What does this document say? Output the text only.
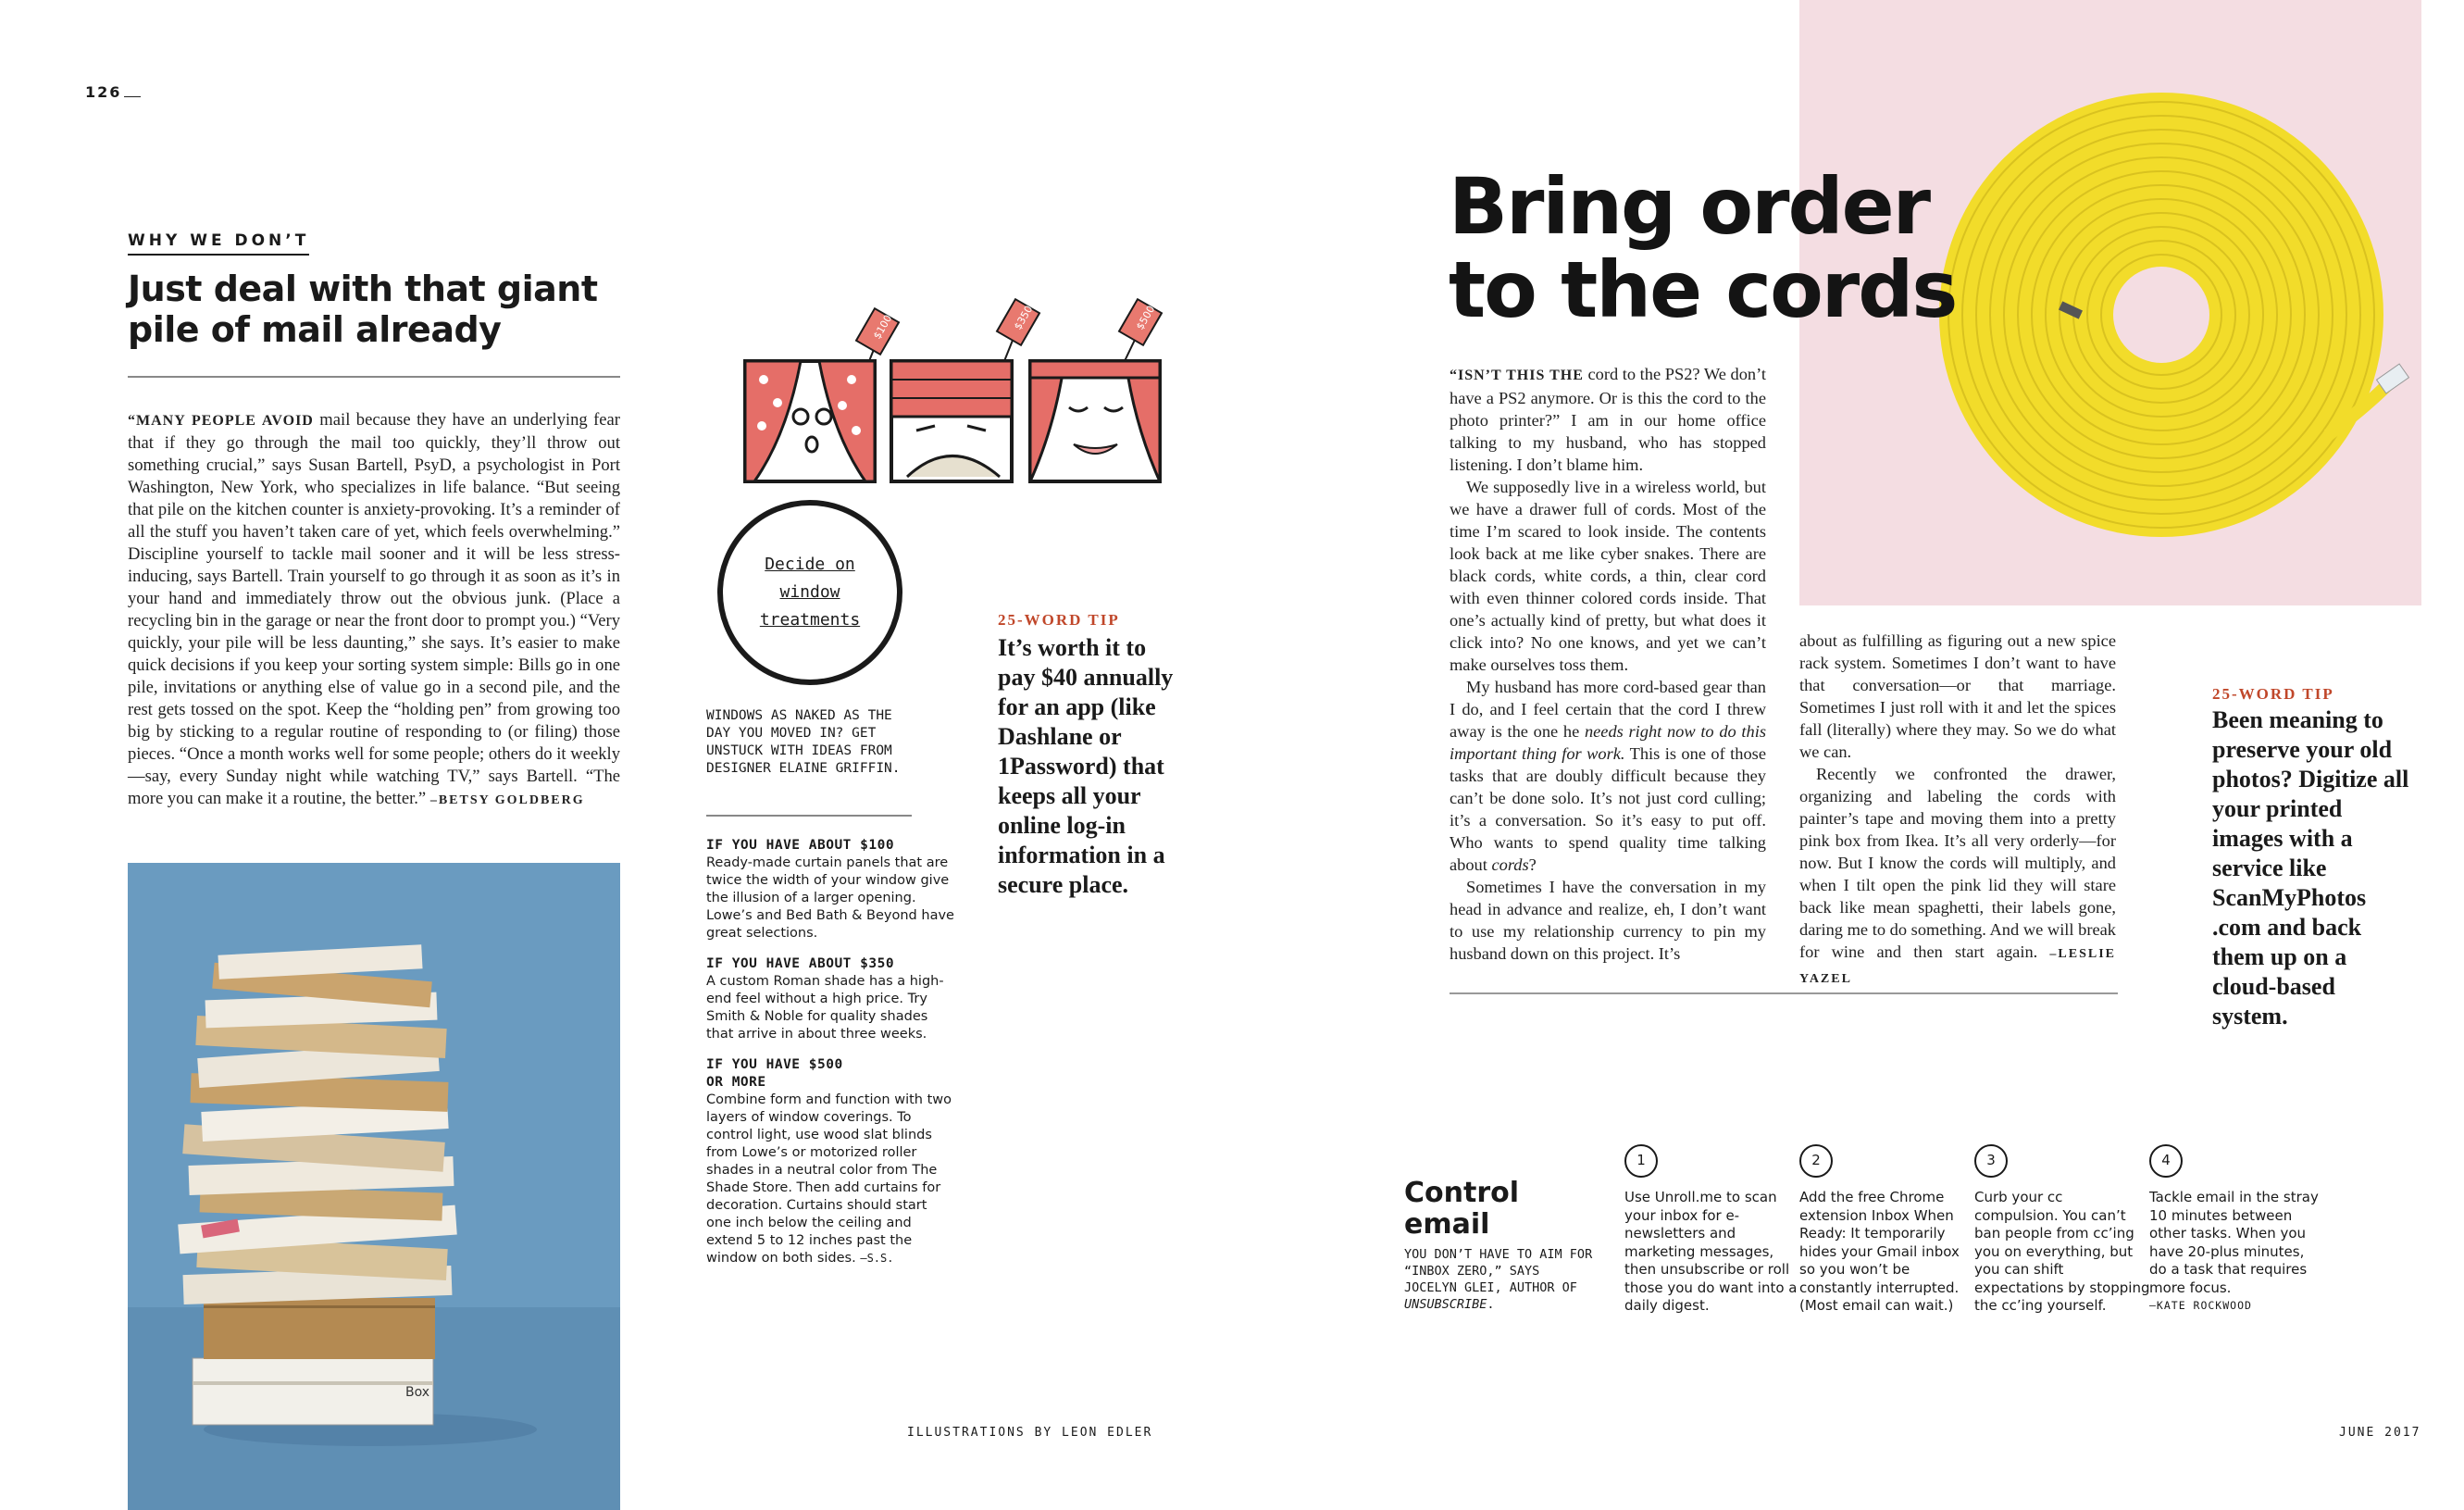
126
WHY WE DON’T
Just deal with that giant pile of mail already
“MANY PEOPLE AVOID mail because they have an underlying fear that if they go through the mail too quickly, they’ll throw out something crucial,” says Susan Bartell, PsyD, a psychologist in Port Washington, New York, who specializes in life balance. “But seeing that pile on the kitchen counter is anxiety-provoking. It’s a reminder of all the stuff you haven’t taken care of yet, which feels overwhelming.” Discipline yourself to tackle mail sooner and it will be less stress-inducing, says Bartell. Train yourself to go through it as soon as it’s in your hand and immediately throw out the obvious junk. (Place a recycling bin in the garage or near the front door to prompt you.) “Very quickly, your pile will be less daunting,” she says. It’s easier to make quick decisions if you keep your sorting system simple: Bills go in one pile, invitations or anything else of value go in a second pile, and the rest gets tossed on the spot. Keep the “holding pen” from growing too big by sticking to a regular routine of responding to (or filing) those pieces. “Once a month works well for some people; others do it weekly—say, every Sunday night while watching TV,” says Bartell. “The more you can make it a routine, the better.” –BETSY GOLDBERG
Box
$100	$350	$500
Decide on window treatments
WINDOWS AS NAKED AS THE DAY YOU MOVED IN? GET UNSTUCK WITH IDEAS FROM DESIGNER ELAINE GRIFFIN.
IF YOU HAVE ABOUT $100
Ready-made curtain panels that are twice the width of your window give the illusion of a larger opening. Lowe’s and Bed Bath & Beyond have great selections.
IF YOU HAVE ABOUT $350
A custom Roman shade has a high-end feel without a high price. Try Smith & Noble for quality shades that arrive in about three weeks.
IF YOU HAVE $500 OR MORE
Combine form and function with two layers of window coverings. To control light, use wood slat blinds from Lowe’s or motorized roller shades in a neutral color from The Shade Store. Then add curtains for decoration. Curtains should start one inch below the ceiling and extend 5 to 12 inches past the window on both sides. –S.S.
25-WORD TIP
It’s worth it to pay $40 annually for an app (like Dashlane or 1Password) that keeps all your online log-in information in a secure place.
ILLUSTRATIONS BY LEON EDLER
Bring order
to the cords

“ISN’T THIS THE cord to the PS2? We don’t have a PS2 anymore. Or is this the cord to the photo printer?” I am in our home office talking to my husband, who has stopped listening. I don’t blame him.

We supposedly live in a wireless world, but we have a drawer full of cords. Most of the time I’m scared to look inside. The contents look back at me like cyber snakes. There are black cords, white cords, a thin, clear cord with even thinner colored cords inside. That one’s actually kind of pretty, but what does it click into? No one knows, and yet we can’t make ourselves toss them.

My husband has more cord-based gear than I do, and I feel certain that the cord I threw away is the one he needs right now to do this important thing for work. This is one of those tasks that are doubly difficult because they can’t be done solo. It’s not just cord culling; it’s a conversation. So it’s easy to put off. Who wants to spend quality time talking about cords?

Sometimes I have the conversation in my head in advance and realize, eh, I don’t want to use my relationship currency to pin my husband down on this project. It’s

about as fulfilling as figuring out a new spice rack system. Sometimes I don’t want to have that conversation—or that marriage. Sometimes I just roll with it and let the spices fall (literally) where they may. So we do what we can.

Recently we confronted the drawer, organizing and labeling the cords with painter’s tape and moving them into a pretty pink box from Ikea. It’s all very orderly—for now. But I know the cords will multiply, and when I tilt open the pink lid they will stare back like mean spaghetti, their labels gone, daring me to do something. And we will break for wine and then start again. –LESLIE YAZEL

25-WORD TIP
Been meaning to preserve your old photos? Digitize all your printed images with a service like ScanMyPhotos .com and back them up on a cloud-based system.
Control
email
YOU DON’T HAVE TO AIM FOR “INBOX ZERO,” SAYS JOCELYN GLEI, AUTHOR OF UNSUBSCRIBE.
1
Use Unroll.me to scan your inbox for e-newsletters and marketing messages, then unsubscribe or roll those you do want into a daily digest.
2
Add the free Chrome extension Inbox When Ready: It temporarily hides your Gmail inbox so you won’t be constantly interrupted. (Most email can wait.)
3
Curb your cc compulsion. You can’t ban people from cc’ing you on everything, but you can shift expectations by stopping the cc’ing yourself.
4
Tackle email in the stray 10 minutes between other tasks. When you have 20-plus minutes, do a task that requires more focus.
—KATE ROCKWOOD
JUNE 2017
